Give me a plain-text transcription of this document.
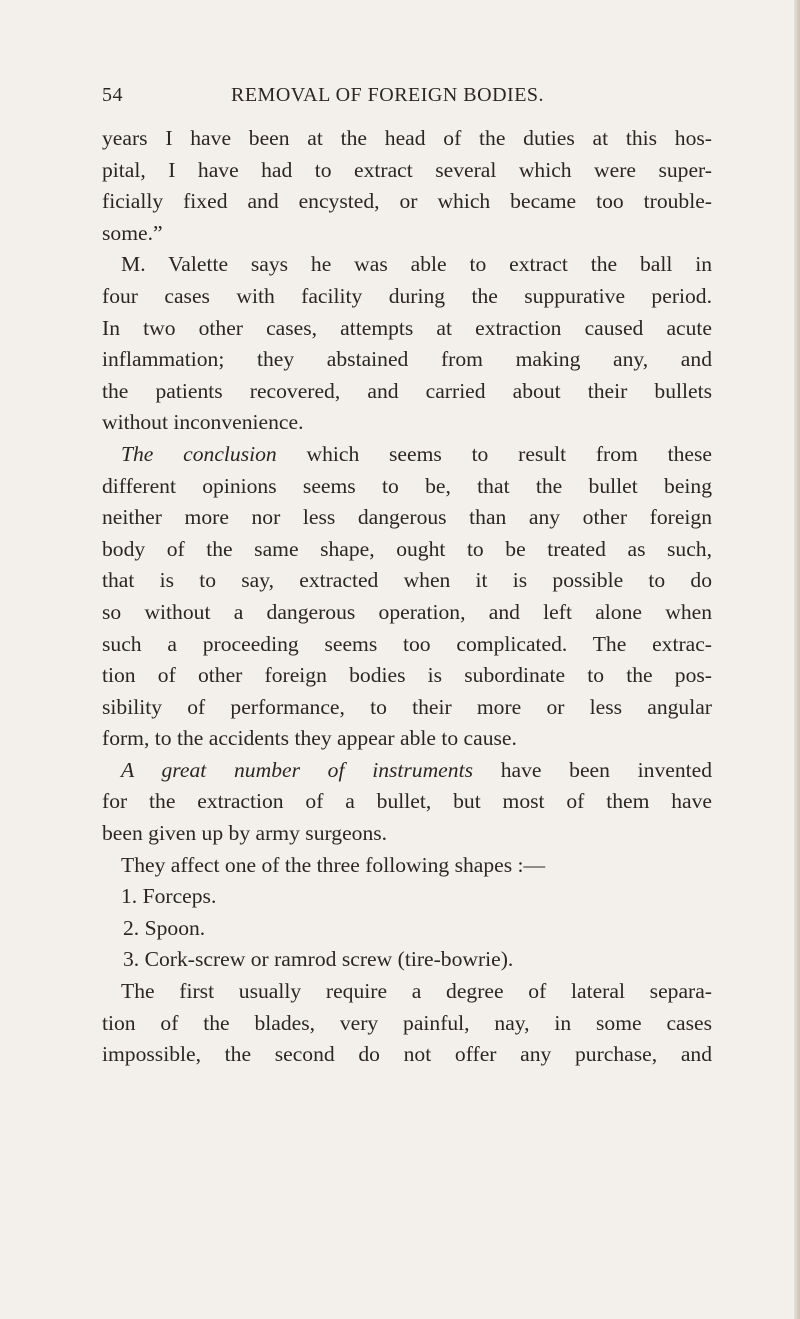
54	REMOVAL OF FOREIGN BODIES.
years I have been at the head of the duties at this hos-
pital, I have had to extract several which were super-
ficially fixed and encysted, or which became too trouble-
some.”
M. Valette says he was able to extract the ball in
four cases with facility during the suppurative period.
In two other cases, attempts at extraction caused acute
inflammation; they abstained from making any, and
the patients recovered, and carried about their bullets
without inconvenience.
The conclusion which seems to result from these
different opinions seems to be, that the bullet being
neither more nor less dangerous than any other foreign
body of the same shape, ought to be treated as such,
that is to say, extracted when it is possible to do
so without a dangerous operation, and left alone when
such a proceeding seems too complicated. The extrac-
tion of other foreign bodies is subordinate to the pos-
sibility of performance, to their more or less angular
form, to the accidents they appear able to cause.
A great number of instruments have been invented
for the extraction of a bullet, but most of them have
been given up by army surgeons.
They affect one of the three following shapes :—
1. Forceps.
2. Spoon.
3. Cork-screw or ramrod screw (tire-bowrie).
The first usually require a degree of lateral separa-
tion of the blades, very painful, nay, in some cases
impossible, the second do not offer any purchase, and
